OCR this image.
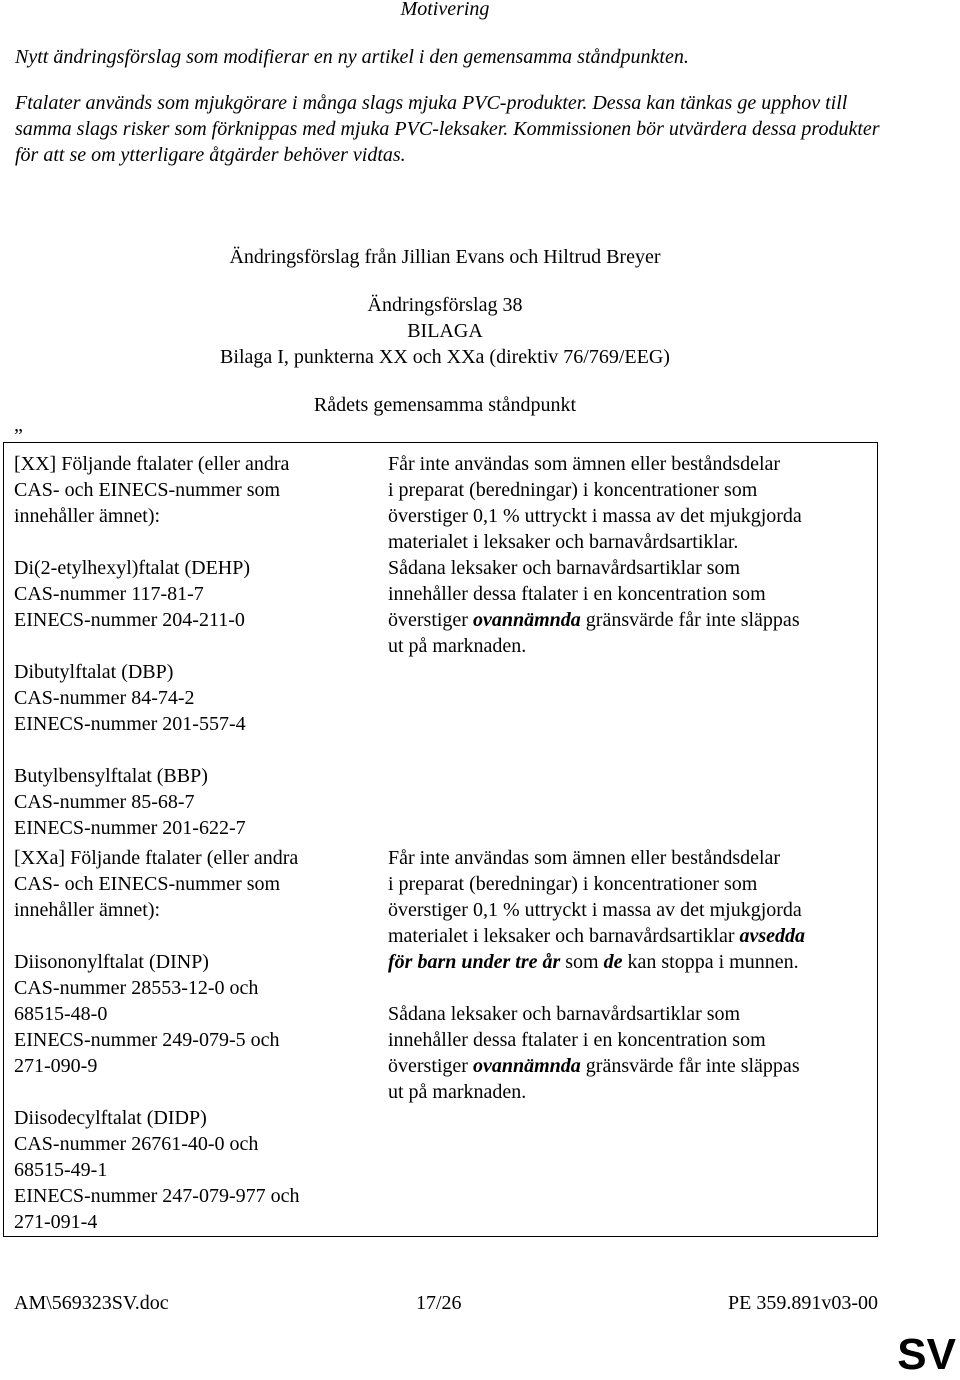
Motivering

Nytt ändringsförslag som modifierar en ny artikel i den gemensamma ståndpunkten.

Ftalater används som mjukgörare i många slags mjuka PVC-produkter. Dessa kan tänkas ge upphov till samma slags risker som förknippas med mjuka PVC-leksaker. Kommissionen bör utvärdera dessa produkter för att se om ytterligare åtgärder behöver vidtas.

Ändringsförslag från Jillian Evans och Hiltrud Breyer
Ändringsförslag 38
BILAGA
Bilaga I, punkterna XX och XXa (direktiv 76/769/EEG)
Rådets gemensamma ståndpunkt
„

[XX] Följande ftalater (eller andra

CAS- och EINECS-nummer som

innehåller ämnet):

Di(2-etylhexyl)ftalat (DEHP)

CAS-nummer 117-81-7

EINECS-nummer 204-211-0

Dibutylftalat (DBP)

CAS-nummer 84-74-2

EINECS-nummer 201-557-4

Butylbensylftalat (BBP)

CAS-nummer 85-68-7

EINECS-nummer 201-622-7

Får inte användas som ämnen eller beståndsdelar

i preparat (beredningar) i koncentrationer som

överstiger 0,1 % uttryckt i massa av det mjukgjorda

materialet i leksaker och barnavårdsartiklar.

Sådana leksaker och barnavårdsartiklar som

innehåller dessa ftalater i en koncentration som

överstiger ovannämnda gränsvärde får inte släppas

ut på marknaden.

[XXa] Följande ftalater (eller andra

CAS- och EINECS-nummer som

innehåller ämnet):

Diisononylftalat (DINP)

CAS-nummer 28553-12-0 och

68515-48-0

EINECS-nummer 249-079-5 och

271-090-9

Diisodecylftalat (DIDP)

CAS-nummer 26761-40-0 och

68515-49-1

EINECS-nummer 247-079-977 och

271-091-4

Får inte användas som ämnen eller beståndsdelar

i preparat (beredningar) i koncentrationer som

överstiger 0,1 % uttryckt i massa av det mjukgjorda

materialet i leksaker och barnavårdsartiklar avsedda

för barn under tre år som de kan stoppa i munnen.

Sådana leksaker och barnavårdsartiklar som

innehåller dessa ftalater i en koncentration som

överstiger ovannämnda gränsvärde får inte släppas

ut på marknaden.

AM\569323SV.doc	17/26	PE 359.891v03-00
SV
